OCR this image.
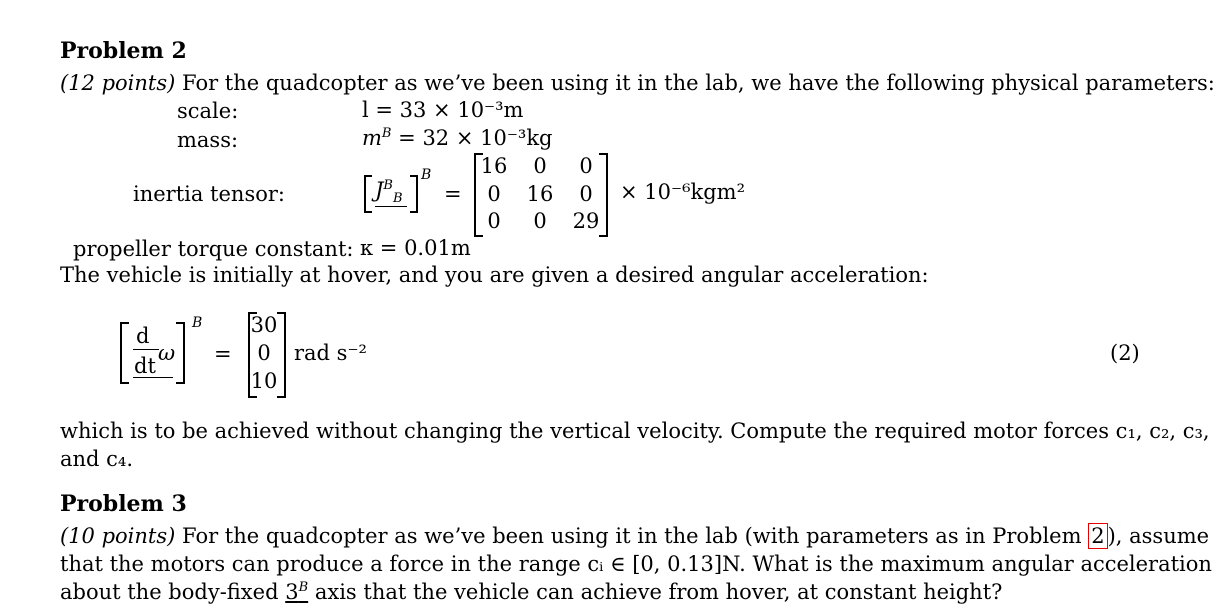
Problem 2
(12 points) For the quadcopter as we’ve been using it in the lab, we have the following physical parameters:
scale:	l = 33 × 10⁻³m
mass:	$m^B = 32 \times 10^{-3}kg$
inertia tensor:	$J^B_B$
B
=
16	0	0
0	16	0
0	0	29
× 10⁻⁶kgm²
propeller torque constant: κ = 0.01m
The vehicle is initially at hover, and you are given a desired angular acceleration:
d
dt
ω
B
=
30
0
10
rad s⁻²	(2)
which is to be achieved without changing the vertical velocity. Compute the required motor forces c₁, c₂, c₃,
and c₄.
Problem 3
(10 points) For the quadcopter as we’ve been using it in the lab (with parameters as in Problem 2 ), assume
that the motors can produce a force in the range cᵢ ∈ [0, 0.13]N. What is the maximum angular acceleration
about the body-fixed $3^B$ axis that the vehicle can achieve from hover, at constant height?
